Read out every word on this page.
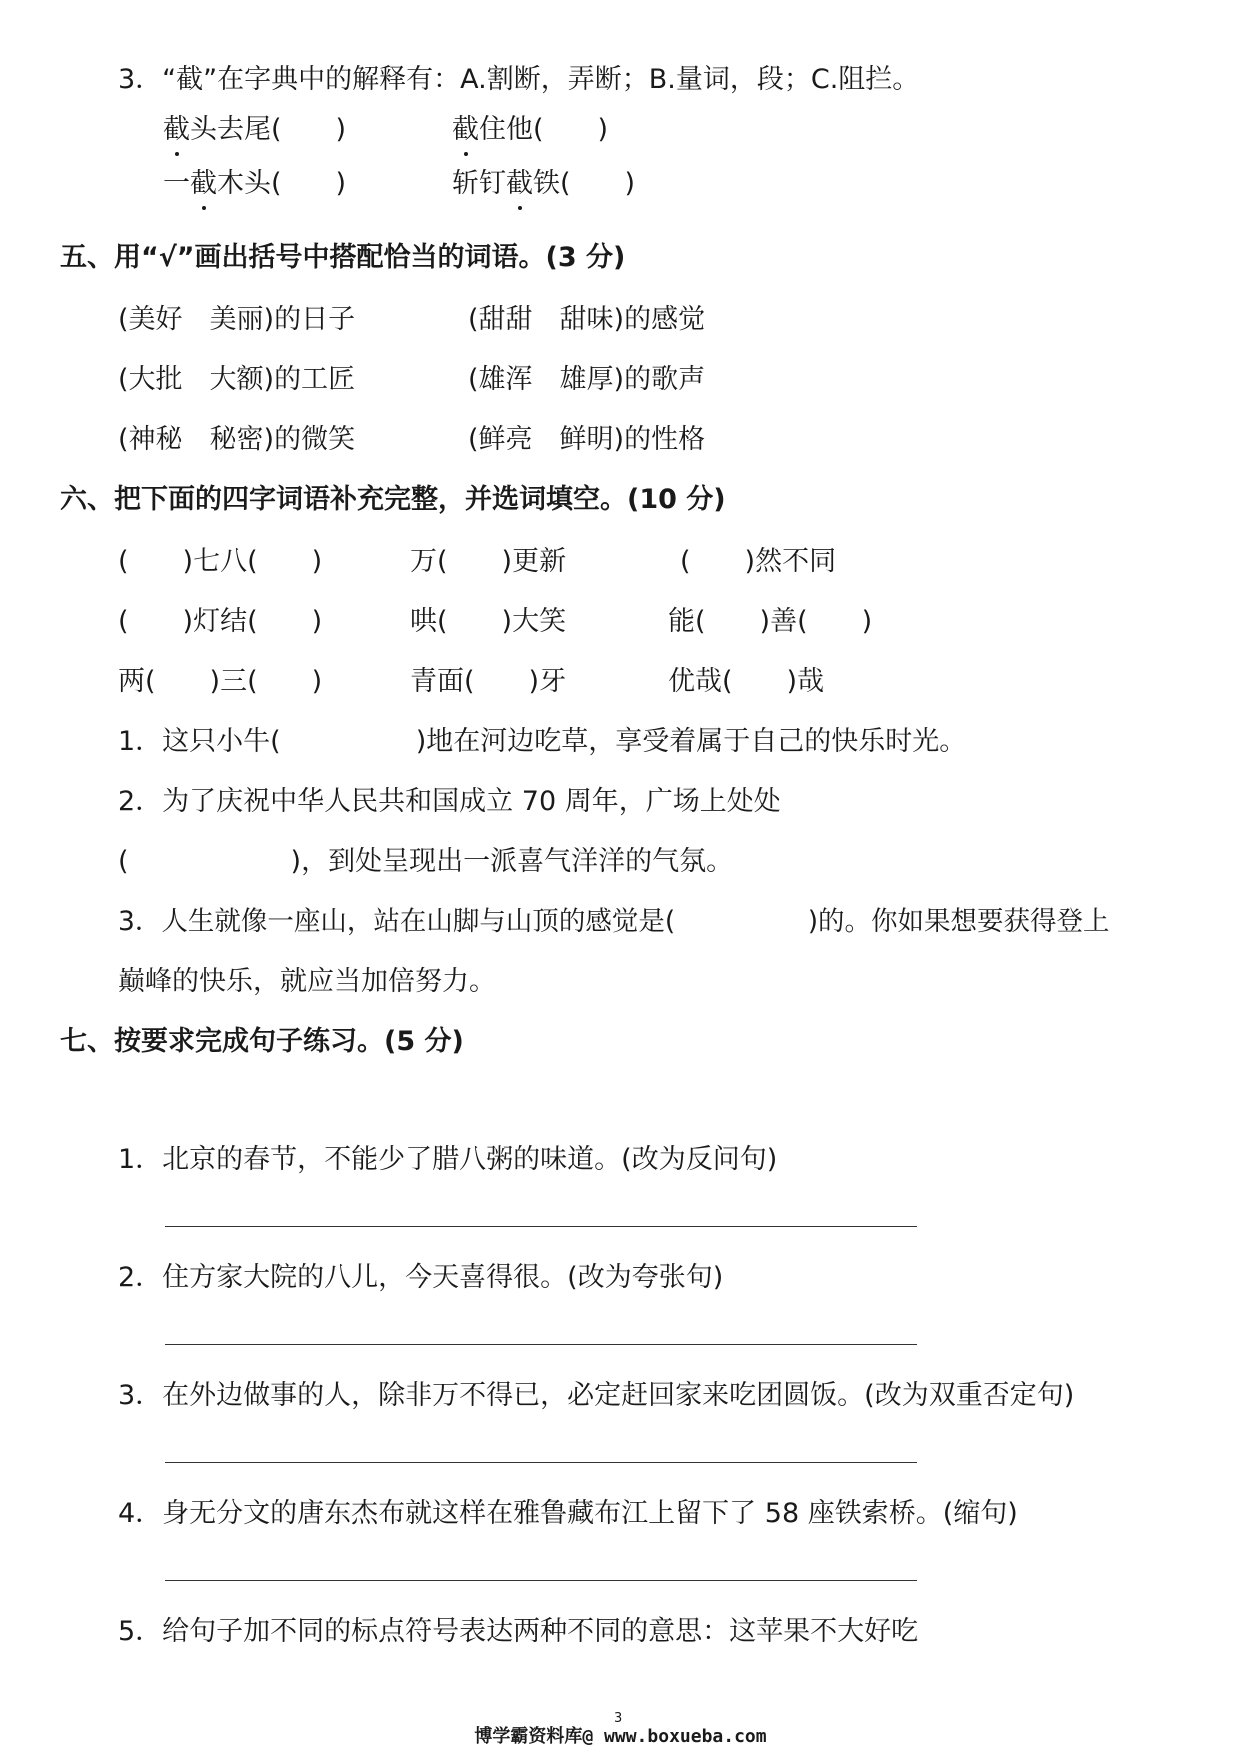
3．“截”在字典中的解释有：A.割断，弄断；B.量词，段；C.阻拦。
截头去尾(　　)	截住他(　　)
一截木头(　　)	斩钉截铁(　　)
五、用“√”画出括号中搭配恰当的词语。(3 分)
(美好　美丽)的日子	(甜甜　甜味)的感觉
(大批　大额)的工匠	(雄浑　雄厚)的歌声
(神秘　秘密)的微笑	(鲜亮　鲜明)的性格
六、把下面的四字词语补充完整，并选词填空。(10 分)
(　　)七八(　　)	万(　　)更新	(　　)然不同
(　　)灯结(　　)	哄(　　)大笑	能(　　)善(　　)
两(　　)三(　　)	青面(　　)牙	优哉(　　)哉
1．这只小牛(　　　　　)地在河边吃草，享受着属于自己的快乐时光。
2．为了庆祝中华人民共和国成立 70 周年，广场上处处
(　　　　　　)，到处呈现出一派喜气洋洋的气氛。
3．人生就像一座山，站在山脚与山顶的感觉是(　　　　　)的。你如果想要获得登上
巅峰的快乐，就应当加倍努力。
七、按要求完成句子练习。(5 分)
1．北京的春节，不能少了腊八粥的味道。(改为反问句)
2．住方家大院的八儿，今天喜得很。(改为夸张句)
3．在外边做事的人，除非万不得已，必定赶回家来吃团圆饭。(改为双重否定句)
4．身无分文的唐东杰布就这样在雅鲁藏布江上留下了 58 座铁索桥。(缩句)
5．给句子加不同的标点符号表达两种不同的意思：这苹果不大好吃
3
博学霸资料库@ www.boxueba.com
